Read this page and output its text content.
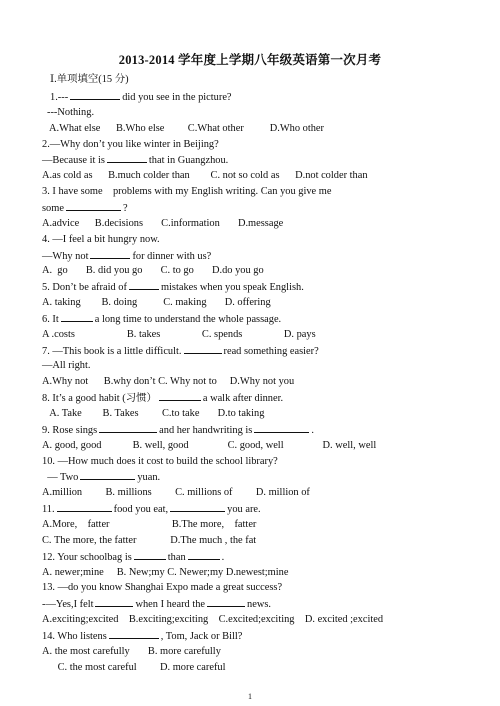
2013-2014 学年度上学期八年级英语第一次月考
Ⅰ.单项填空(15 分)
1.---	did you see in the picture?
---Nothing.
A.What else      B.Who else         C.What other          D.Who other
2.—Why don’t you like winter in Beijing?
—Because it is	that in Guangzhou.
A.as cold as      B.much colder than        C. not so cold as      D.not colder than
3. I have some    problems with my English writing. Can you give me
some	?
A.advice      B.decisions       C.information       D.message
4. —I feel a bit hungry now.
—Why not	for dinner with us?
A.  go       B. did you go       C. to go       D.do you go
5. Don’t be afraid of	mistakes when you speak English.
A. taking        B. doing          C. making       D. offering
6. It	a long time to understand the whole passage.
A .costs                    B. takes                C. spends                D. pays
7. —This book is a little difficult.	read something easier?
—All right.
A.Why not      B.why don’t C. Why not to     D.Why not you
8. It’s a good habit (习惯）	a walk after dinner.
A. Take        B. Takes         C.to take       D.to taking
9. Rose sings	and her handwriting is	.
A. good, good            B. well, good               C. good, well               D. well, well
10. —How much does it cost to build the school library?
— Two	yuan.
A.million         B. millions         C. millions of         D. million of
11.	food you eat,	you are.
A.More,    fatter                        B.The more,    fatter
C. The more, the fatter             D.The much , the fat
12. Your schoolbag is	than	.
A. newer;mine     B. New;my C. Newer;my D.newest;mine
13. —do you know Shanghai Expo made a great success?
-—Yes,I felt	when I heard the	news.
A.exciting;excited    B.exciting;exciting    C.excited;exciting    D. excited ;excited
14. Who listens	, Tom, Jack or Bill?
A. the most carefully       B. more carefully
C. the most careful         D. more careful
1
